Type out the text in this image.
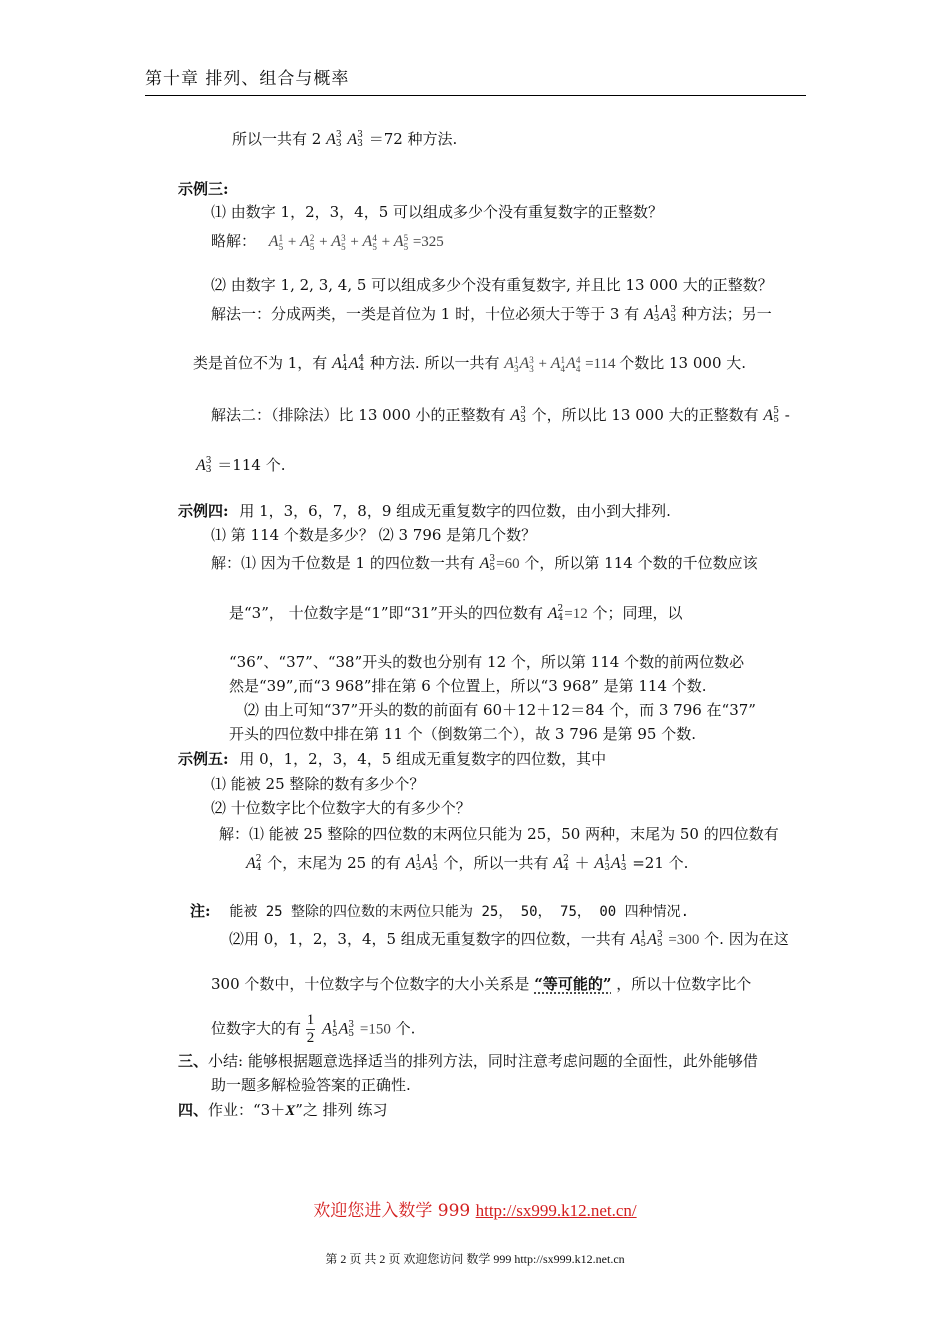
第十章 排列、组合与概率
所以一共有 2 A 3
3 A 3
3 ＝72 种方法.
示例三:
⑴ 由数字 1，2，3，4，5 可以组成多少个没有重复数字的正整数？
略解： A 1
5 + A 2
5 + A 3
5 + A 4
5 + A 5
5 =325
⑵ 由数字 1, 2, 3, 4, 5 可以组成多少个没有重复数字, 并且比 13 000 大的正整数？
解法一：分成两类，一类是首位为 1 时，十位必须大于等于 3 有 A 1
3 A 3
3 种方法；另一
类是首位不为 1，有 A 1
4 A 4
4 种方法. 所以一共有 A 1
3 A 3
3 + A 1
4 A 4
4 =114 个数比 13 000 大.
解法二：（排除法）比 13 000 小的正整数有 A 3
3 个，所以比 13 000 大的正整数有 A 5
5 -
A 3
3 ＝114 个.
示例四: 用 1，3，6，7，8，9 组成无重复数字的四位数，由小到大排列.
⑴ 第 114 个数是多少？ ⑵ 3 796 是第几个数？
解：⑴ 因为千位数是 1 的四位数一共有 A 3
5 =60 个，所以第 114 个数的千位数应该
是“3”， 十位数字是“1”即“31”开头的四位数有 A 2
4 =12 个；同理，以
“36”、“37”、“38”开头的数也分别有 12 个，所以第 114 个数的前两位数必
然是“39”,而“3 968”排在第 6 个位置上，所以“3 968” 是第 114 个数.
⑵ 由上可知“37”开头的数的前面有 60＋12＋12＝84 个，而 3 796 在“37”
开头的四位数中排在第 11 个（倒数第二个），故 3 796 是第 95 个数.
示例五: 用 0，1，2，3，4，5 组成无重复数字的四位数，其中
⑴ 能被 25 整除的数有多少个？
⑵ 十位数字比个位数字大的有多少个？
解：⑴ 能被 25 整除的四位数的末两位只能为 25，50 两种，末尾为 50 的四位数有
A 2
4 个，末尾为 25 的有 A 1
3 A 1
3 个，所以一共有 A 2
4 ＋ A 1
3 A 1
3 =21 个.
注: 能被 25 整除的四位数的末两位只能为 25， 50， 75， 00 四种情况.
⑵用 0，1，2，3，4，5 组成无重复数字的四位数，一共有 A 1
5 A 3
5 =300 个. 因为在这
300 个数中，十位数字与个位数字的大小关系是 “等可能的” ，所以十位数字比个
位数字大的有 $\frac{1}{2}$ A 1
5 A 3
5 =150 个.
三、小结: 能够根据题意选择适当的排列方法，同时注意考虑问题的全面性，此外能够借
助一题多解检验答案的正确性.
四、作业：“3＋X”之 排列 练习
欢迎您进入数学 999 http://sx999.k12.net.cn/
第 2 页 共 2 页 欢迎您访问 数学 999 http://sx999.k12.net.cn
